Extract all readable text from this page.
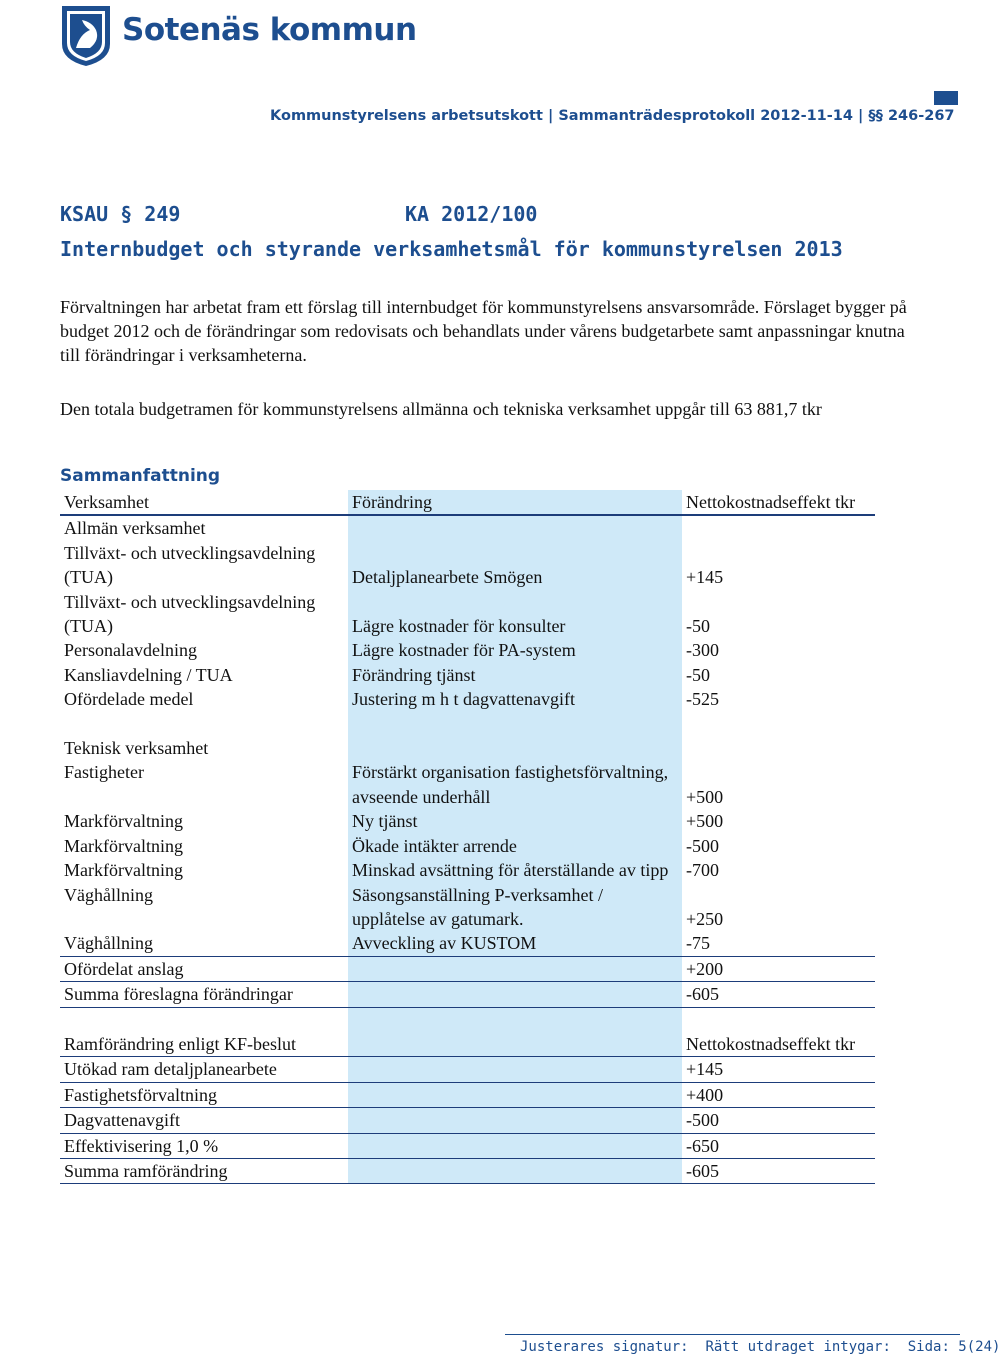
Sotenäs kommun
Kommunstyrelsens arbetsutskott | Sammanträdesprotokoll 2012-11-14 | §§ 246-267
KSAU § 249	KA 2012/100
Internbudget och styrande verksamhetsmål för kommunstyrelsen 2013
Förvaltningen har arbetat fram ett förslag till internbudget för kommunstyrelsens ansvarsområde. Förslaget bygger på budget 2012 och de förändringar som redovisats och behandlats under vårens budgetarbete samt anpassningar knutna till förändringar i verksamheterna.
Den totala budgetramen för kommunstyrelsens allmänna och tekniska verksamhet uppgår till 63 881,7 tkr
Sammanfattning
Verksamhet	Förändring	Nettokostnadseffekt tkr
Allmän verksamhet		
Tillväxt- och utvecklingsavdelning (TUA)	Detaljplanearbete Smögen	+145
Tillväxt- och utvecklingsavdelning (TUA)	Lägre kostnader för konsulter	-50
Personalavdelning	Lägre kostnader för PA-system	-300
Kansliavdelning / TUA	Förändring tjänst	-50
Ofördelade medel	Justering m h t dagvattenavgift	-525

Teknisk verksamhet		
Fastigheter	Förstärkt organisation fastighetsförvaltning, avseende underhåll	+500
Markförvaltning	Ny tjänst	+500
Markförvaltning	Ökade intäkter arrende	-500
Markförvaltning	Minskad avsättning för återställande av tipp	-700
Väghållning	Säsongsanställning P-verksamhet / upplåtelse av gatumark.	+250
Väghållning	Avveckling av KUSTOM	-75
Ofördelat anslag		+200
Summa föreslagna förändringar		-605

Ramförändring enligt KF-beslut		Nettokostnadseffekt tkr
Utökad ram detaljplanearbete		+145
Fastighetsförvaltning		+400
Dagvattenavgift		-500
Effektivisering 1,0 %		-650
Summa ramförändring		-605
Justerares signatur: Rätt utdraget intygar: Sida: 5(24)
